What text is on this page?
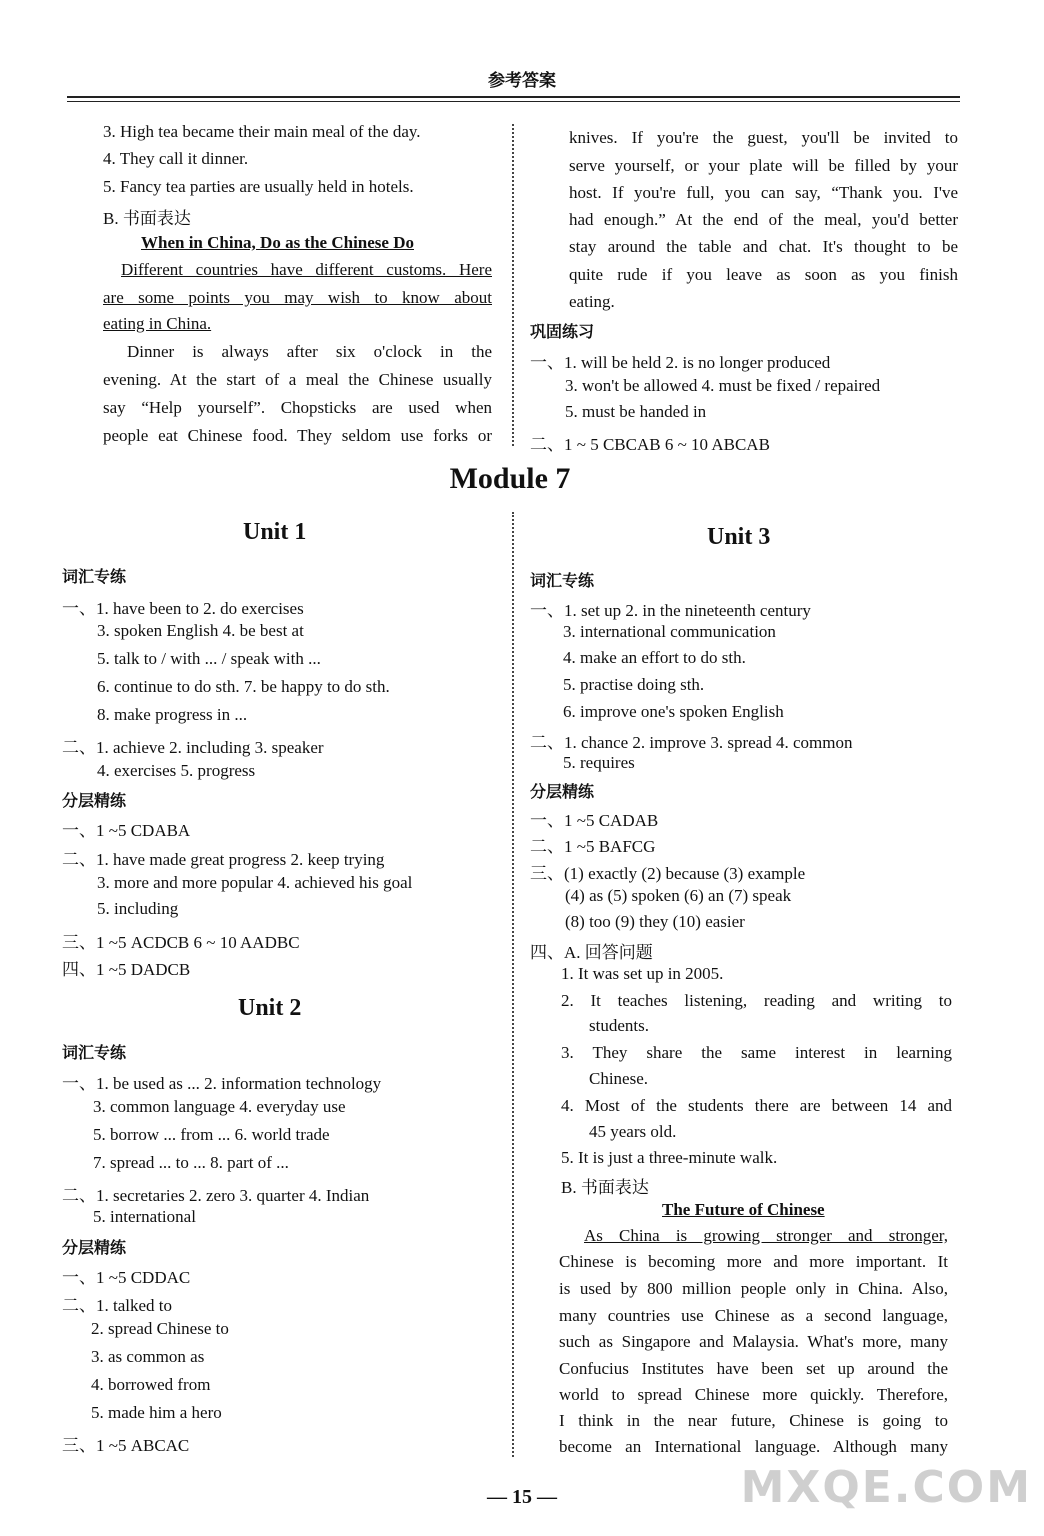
参考答案
3. High tea became their main meal of the day.
4. They call it dinner.
5. Fancy tea parties are usually held in hotels.
B. 书面表达
When in China, Do as the Chinese Do
Different countries have different customs. Here
are some points you may wish to know about
eating in China.
Dinner is always after six o'clock in the
evening. At the start of a meal the Chinese usually
say “Help yourself”. Chopsticks are used when
people eat Chinese food. They seldom use forks or
knives. If you're the guest, you'll be invited to
serve yourself, or your plate will be filled by your
host. If you're full, you can say, “Thank you. I've
had enough.” At the end of the meal, you'd better
stay around the table and chat. It's thought to be
quite rude if you leave as soon as you finish
eating.
巩固练习
一、1. will be held 2. is no longer produced
3. won't be allowed 4. must be fixed / repaired
5. must be handed in
二、1 ~ 5 CBCAB 6 ~ 10 ABCAB
Module 7
Unit 1
词汇专练
一、1. have been to 2. do exercises
3. spoken English 4. be best at
5. talk to / with ... / speak with ...
6. continue to do sth. 7. be happy to do sth.
8. make progress in ...
二、1. achieve 2. including 3. speaker
4. exercises 5. progress
分层精练
一、1 ~5 CDABA
二、1. have made great progress 2. keep trying
3. more and more popular 4. achieved his goal
5. including
三、1 ~5 ACDCB 6 ~ 10 AADBC
四、1 ~5 DADCB
Unit 2
词汇专练
一、1. be used as ... 2. information technology
3. common language 4. everyday use
5. borrow ... from ... 6. world trade
7. spread ... to ... 8. part of ...
二、1. secretaries 2. zero 3. quarter 4. Indian
5. international
分层精练
一、1 ~5 CDDAC
二、1. talked to
2. spread Chinese to
3. as common as
4. borrowed from
5. made him a hero
三、1 ~5 ABCAC
Unit 3
词汇专练
一、1. set up 2. in the nineteenth century
3. international communication
4. make an effort to do sth.
5. practise doing sth.
6. improve one's spoken English
二、1. chance 2. improve 3. spread 4. common
5. requires
分层精练
一、1 ~5 CADAB
二、1 ~5 BAFCG
三、(1) exactly (2) because (3) example
(4) as (5) spoken (6) an (7) speak
(8) too (9) they (10) easier
四、A. 回答问题
1. It was set up in 2005.
2. It teaches listening, reading and writing to
students.
3. They share the same interest in learning
Chinese.
4. Most of the students there are between 14 and
45 years old.
5. It is just a three-minute walk.
B. 书面表达
The Future of Chinese
As China is growing stronger and stronger,
Chinese is becoming more and more important. It
is used by 800 million people only in China. Also,
many countries use Chinese as a second language,
such as Singapore and Malaysia. What's more, many
Confucius Institutes have been set up around the
world to spread Chinese more quickly. Therefore,
I think in the near future, Chinese is going to
become an International language. Although many
— 15 —	MXQE.COM
